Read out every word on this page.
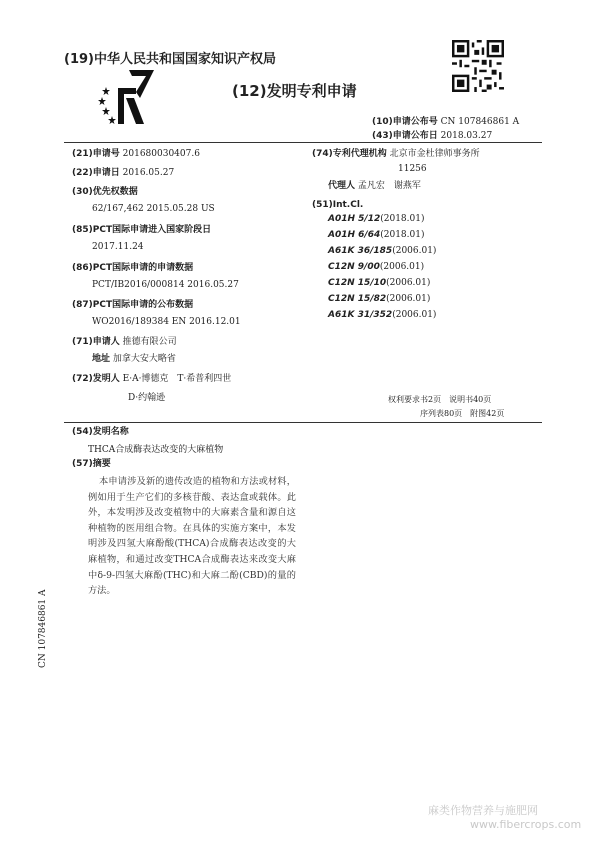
(19)中华人民共和国国家知识产权局
(12)发明专利申请
(10)申请公布号 CN 107846861 A
(43)申请公布日 2018.03.27
(21)申请号 201680030407.6
(22)申请日 2016.05.27
(30)优先权数据
62/167,462 2015.05.28 US
(85)PCT国际申请进入国家阶段日
2017.11.24
(86)PCT国际申请的申请数据
PCT/IB2016/000814 2016.05.27
(87)PCT国际申请的公布数据
WO2016/189384 EN 2016.12.01
(71)申请人 推德有限公司
地址 加拿大安大略省
(72)发明人 E·A·博德克　T·希普利四世
D·约翰逊
(74)专利代理机构 北京市金杜律师事务所
11256
代理人 孟凡宏　谢燕军
(51)Int.Cl.
A01H 5/12(2018.01)
A01H 6/64(2018.01)
A61K 36/185(2006.01)
C12N 9/00(2006.01)
C12N 15/10(2006.01)
C12N 15/82(2006.01)
A61K 31/352(2006.01)
权利要求书2页　说明书40页
序列表80页　附图42页
(54)发明名称
THCA合成酶表达改变的大麻植物
(57)摘要
本申请涉及新的遗传改造的植物和方法或材料，例如用于生产它们的多核苷酸、表达盒或载体。此外，本发明涉及改变植物中的大麻素含量和源自这种植物的医用组合物。在具体的实施方案中，本发明涉及四氢大麻酚酸(THCA)合成酶表达改变的大麻植物，和通过改变THCA合成酶表达来改变大麻中δ-9-四氢大麻酚(THC)和大麻二酚(CBD)的量的方法。
CN 107846861 A
麻类作物营养与施肥网
www.fibercrops.com
